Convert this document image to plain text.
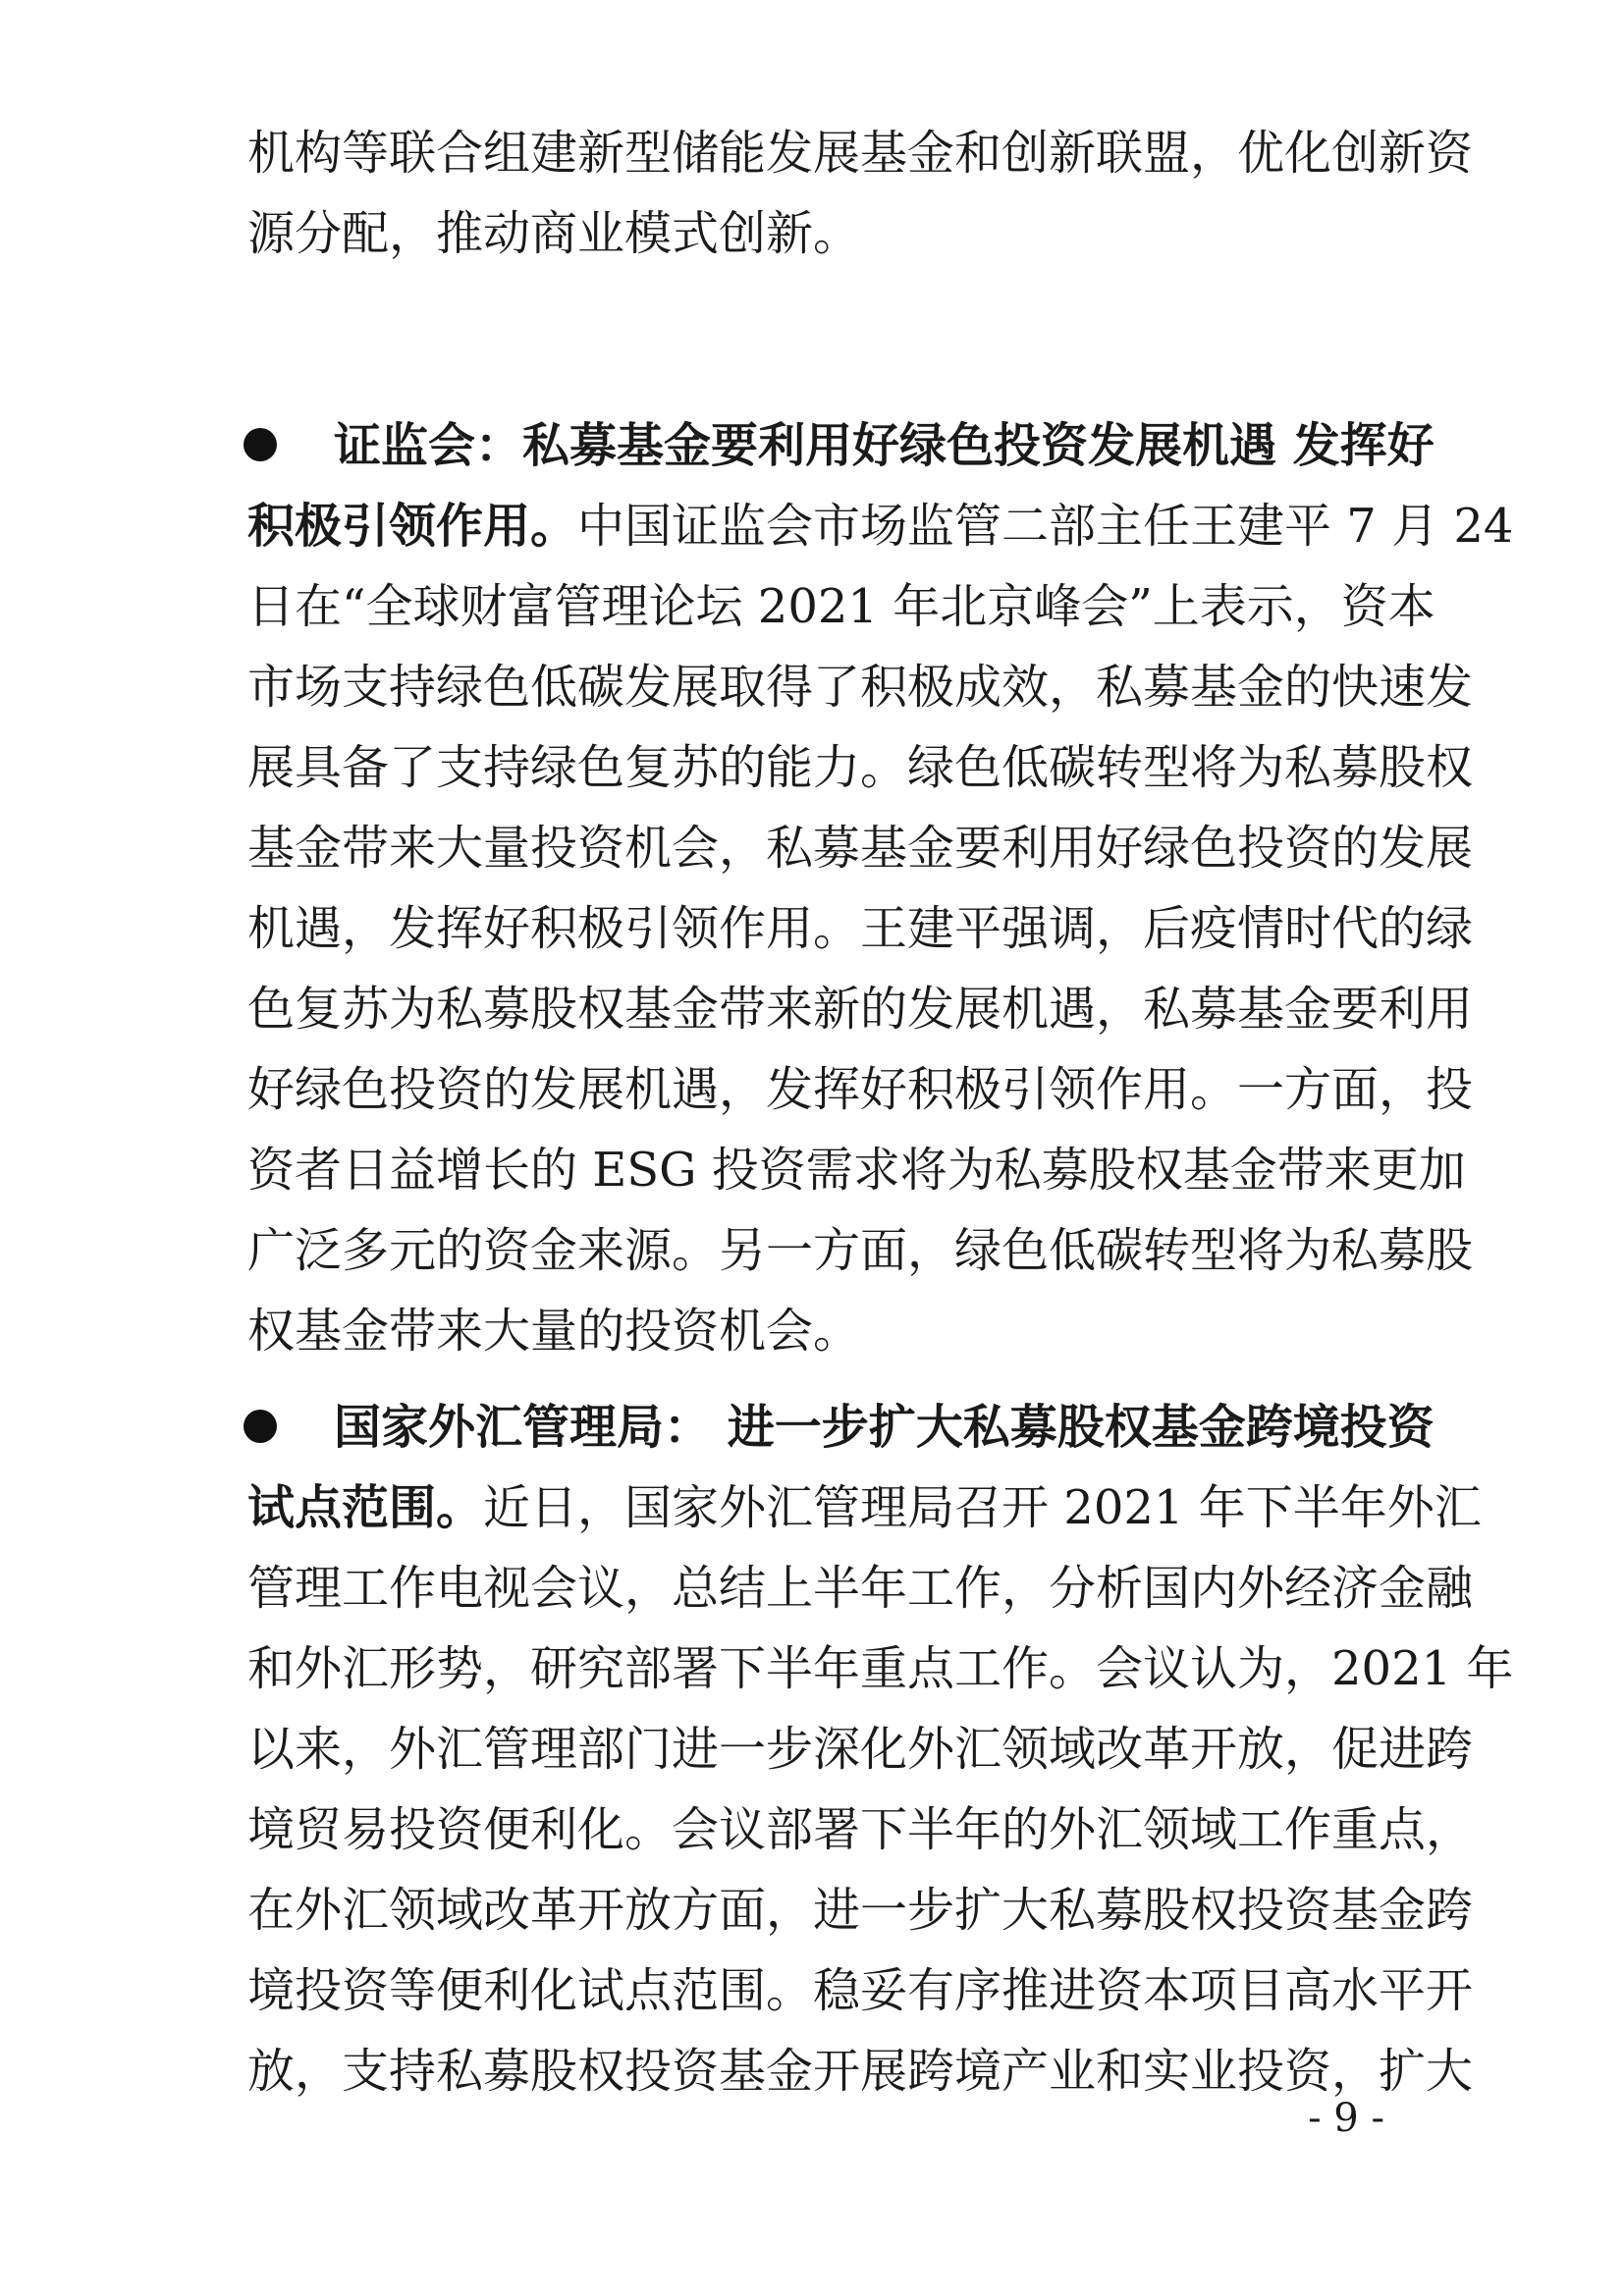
机构等联合组建新型储能发展基金和创新联盟，优化创新资
源分配，推动商业模式创新。
证监会：私募基金要利用好绿色投资发展机遇 发挥好
积极引领作用。中国证监会市场监管二部主任王建平 7 月 24
日在“全球财富管理论坛 2021 年北京峰会”上表示，资本
市场支持绿色低碳发展取得了积极成效，私募基金的快速发
展具备了支持绿色复苏的能力。绿色低碳转型将为私募股权
基金带来大量投资机会，私募基金要利用好绿色投资的发展
机遇，发挥好积极引领作用。王建平强调，后疫情时代的绿
色复苏为私募股权基金带来新的发展机遇，私募基金要利用
好绿色投资的发展机遇，发挥好积极引领作用。一方面，投
资者日益增长的 ESG 投资需求将为私募股权基金带来更加
广泛多元的资金来源。另一方面，绿色低碳转型将为私募股
权基金带来大量的投资机会。
国家外汇管理局： 进一步扩大私募股权基金跨境投资
试点范围。近日，国家外汇管理局召开 2021 年下半年外汇
管理工作电视会议，总结上半年工作，分析国内外经济金融
和外汇形势，研究部署下半年重点工作。会议认为，2021 年
以来，外汇管理部门进一步深化外汇领域改革开放，促进跨
境贸易投资便利化。会议部署下半年的外汇领域工作重点，
在外汇领域改革开放方面，进一步扩大私募股权投资基金跨
境投资等便利化试点范围。稳妥有序推进资本项目高水平开
放，支持私募股权投资基金开展跨境产业和实业投资，扩大
- 9 -
